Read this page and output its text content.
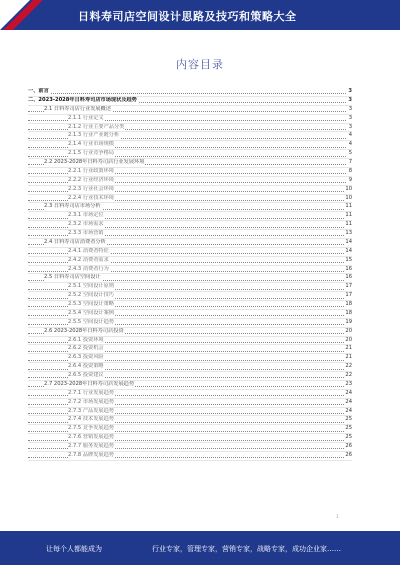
日料寿司店空间设计思路及技巧和策略大全
内容目录
一、前言	3
二、2023-2028年日料寿司店市场现状及趋势	3
2.1 日料寿司店行业发展概述	3
2.1.1 行业定义	3
2.1.2 行业主要产品分类	3
2.1.3 行业产业链分析	4
2.1.4 行业市场规模	4
2.1.5 行业竞争格局	5
2.2 2023-2028年日料寿司店行业发展环境	7
2.2.1 行业政策环境	8
2.2.2 行业经济环境	9
2.2.3 行业社会环境	10
2.2.4 行业技术环境	10
2.3 日料寿司店市场分析	11
2.3.1 市场定位	11
2.3.2 市场需求	11
2.3.3 市场营销	13
2.4 日料寿司店消费者分析	14
2.4.1 消费者特征	14
2.4.2 消费者需求	15
2.4.3 消费者行为	16
2.5 日料寿司店空间设计	16
2.5.1 空间设计原则	17
2.5.2 空间设计技巧	17
2.5.3 空间设计策略	18
2.5.4 空间设计案例	18
2.5.5 空间设计趋势	19
2.6 2023-2028年日料寿司店投资	20
2.6.1 投资环境	20
2.6.2 投资机会	21
2.6.3 投资风险	21
2.6.4 投资策略	22
2.6.5 投资建议	22
2.7 2023-2028年日料寿司店发展趋势	23
2.7.1 行业发展趋势	24
2.7.2 市场发展趋势	24
2.7.3 产品发展趋势	24
2.7.4 技术发展趋势	25
2.7.5 竞争发展趋势	25
2.7.6 营销发展趋势	25
2.7.7 服务发展趋势	26
2.7.8 品牌发展趋势	26
1
让每个人都能成为	行业专家，管理专家，营销专家，战略专家，成功企业家……
